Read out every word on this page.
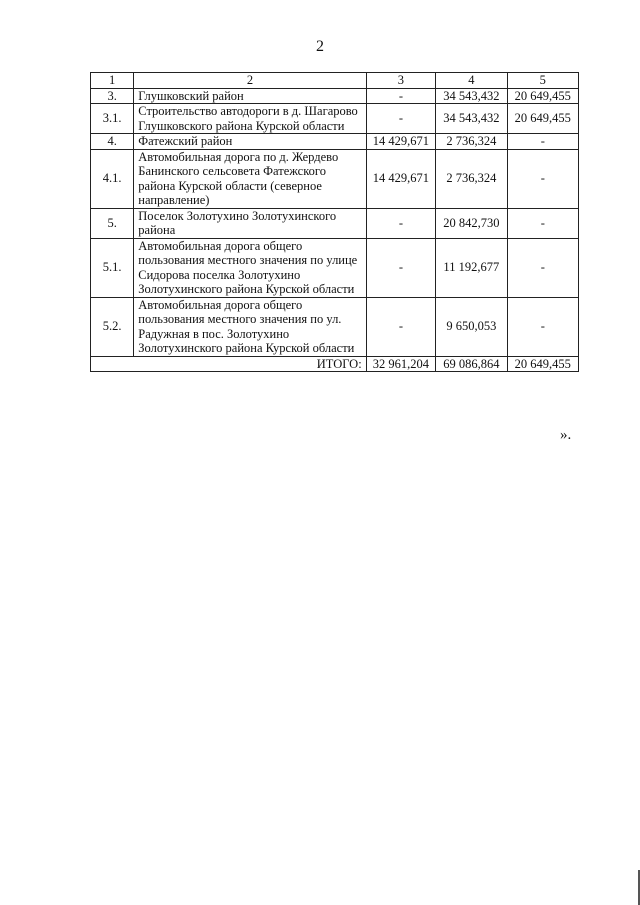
2
1	2	3	4	5
3.	Глушковский район	-	34 543,432	20 649,455
3.1.	Строительство автодороги в д. Шагарово Глушковского района Курской области	-	34 543,432	20 649,455
4.	Фатежский район	14 429,671	2 736,324	-
4.1.	Автомобильная дорога по д. Жердево Банинского сельсовета Фатежского района Курской области (северное направление)	14 429,671	2 736,324	-
5.	Поселок Золотухино Золотухинского района	-	20 842,730	-
5.1.	Автомобильная дорога общего пользования местного значения по улице Сидорова поселка Золотухино Золотухинского района Курской области	-	11 192,677	-
5.2.	Автомобильная дорога общего пользования местного значения по ул. Радужная в пос. Золотухино Золотухинского района Курской области	-	9 650,053	-
ИТОГО:		32 961,204	69 086,864	20 649,455
».
